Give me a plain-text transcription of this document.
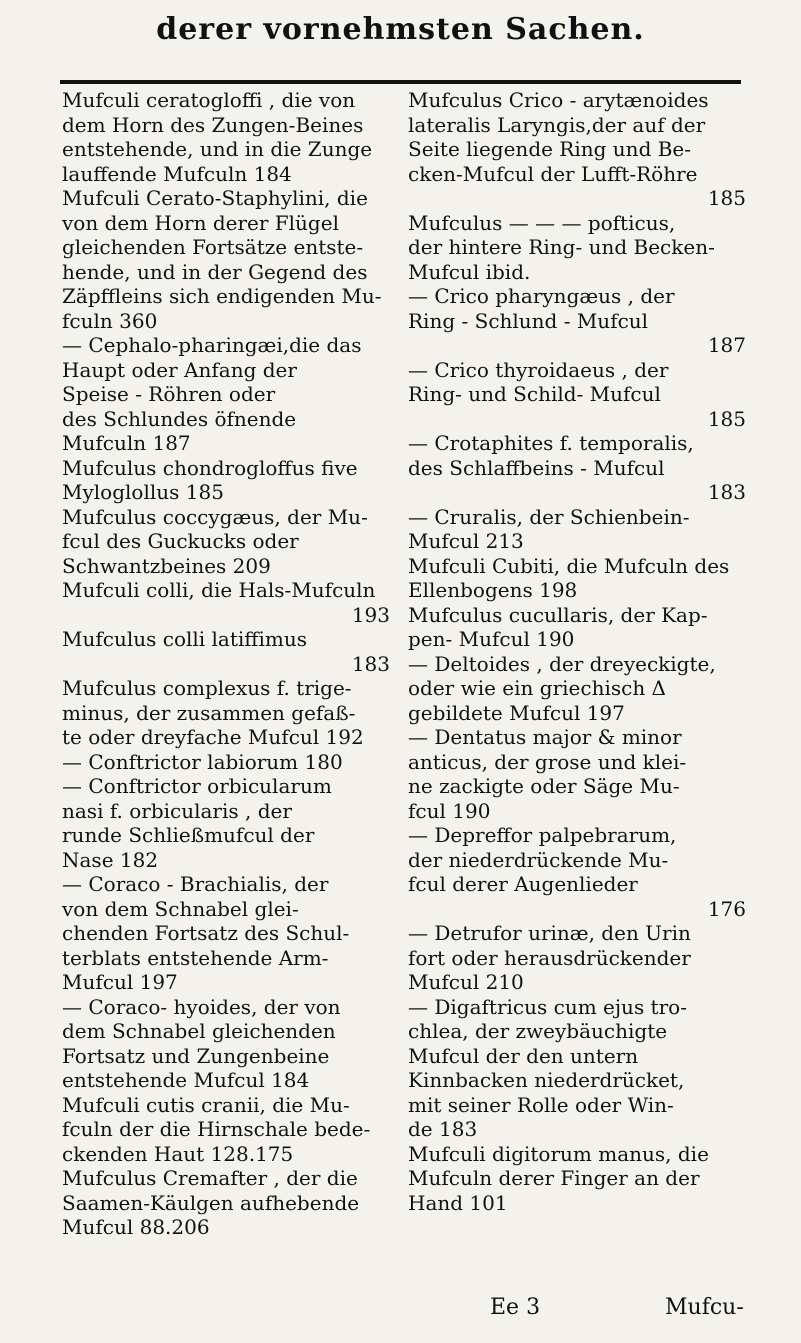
derer vornehmsten Sachen.

Mufculi ceratogloffi , die von

dem Horn des Zungen-Beines

entstehende, und in die Zunge

lauffende Mufculn 184

Mufculi Cerato-Staphylini, die

von dem Horn derer Flügel

gleichenden Fortsätze entste-

hende, und in der Gegend des

Zäpffleins sich endigenden Mu-

fculn 360

— Cephalo-pharingæi,die das

Haupt oder Anfang der

Speise - Röhren oder

des Schlundes öfnende

Mufculn 187

Mufculus chondrogloffus five

Myloglollus 185

Mufculus coccygæus, der Mu-

fcul des Guckucks oder

Schwantzbeines 209

Mufculi colli, die Hals-Mufculn

193

Mufculus colli latiffimus

183

Mufculus complexus f. trige-

minus, der zusammen gefaß-

te oder dreyfache Mufcul 192

— Conftrictor labiorum 180

— Conftrictor orbicularum

nasi f. orbicularis , der

runde Schließmufcul der

Nase 182

— Coraco - Brachialis, der

von dem Schnabel glei-

chenden Fortsatz des Schul-

terblats entstehende Arm-

Mufcul 197

— Coraco- hyoides, der von

dem Schnabel gleichenden

Fortsatz und Zungenbeine

entstehende Mufcul 184

Mufculi cutis cranii, die Mu-

fculn der die Hirnschale bede-

ckenden Haut 128.175

Mufculus Cremafter , der die

Saamen-Käulgen aufhebende

Mufcul 88.206

Mufculus Crico - arytænoides

lateralis Laryngis,der auf der

Seite liegende Ring und Be-

cken-Mufcul der Lufft-Röhre

185

Mufculus — — — pofticus,

der hintere Ring- und Becken-

Mufcul ibid.

— Crico pharyngæus , der

Ring - Schlund - Mufcul

187

— Crico thyroidaeus , der

Ring- und Schild- Mufcul

185

— Crotaphites f. temporalis,

des Schlaffbeins - Mufcul

183

— Cruralis, der Schienbein-

Mufcul 213

Mufculi Cubiti, die Mufculn des

Ellenbogens 198

Mufculus cucullaris, der Kap-

pen- Mufcul 190

— Deltoides , der dreyeckigte,

oder wie ein griechisch Δ

gebildete Mufcul 197

— Dentatus major & minor

anticus, der grose und klei-

ne zackigte oder Säge Mu-

fcul 190

— Depreffor palpebrarum,

der niederdrückende Mu-

fcul derer Augenlieder

176

— Detrufor urinæ, den Urin

fort oder herausdrückender

Mufcul 210

— Digaftricus cum ejus tro-

chlea, der zweybäuchigte

Mufcul der den untern

Kinnbacken niederdrücket,

mit seiner Rolle oder Win-

de 183

Mufculi digitorum manus, die

Mufculn derer Finger an der

Hand 101

Ee 3	Mufcu-
